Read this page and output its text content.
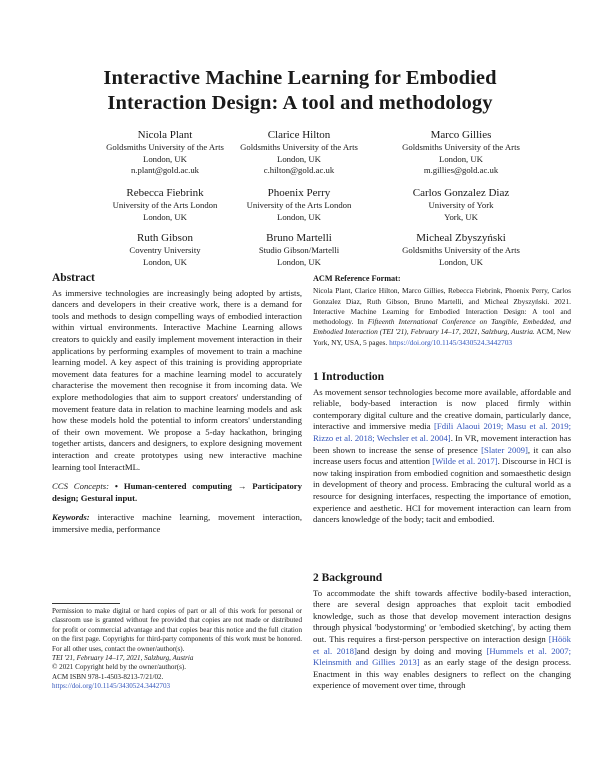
Interactive Machine Learning for Embodied
Interaction Design: A tool and methodology
Nicola Plant
Goldsmiths University of the Arts
London, UK
n.plant@gold.ac.uk
Clarice Hilton
Goldsmiths University of the Arts
London, UK
c.hilton@gold.ac.uk
Marco Gillies
Goldsmiths University of the Arts
London, UK
m.gillies@gold.ac.uk
Rebecca Fiebrink
University of the Arts London
London, UK
Phoenix Perry
University of the Arts London
London, UK
Carlos Gonzalez Diaz
University of York
York, UK
Ruth Gibson
Coventry University
London, UK
Bruno Martelli
Studio Gibson/Martelli
London, UK
Micheal Zbyszyński
Goldsmiths University of the Arts
London, UK
Abstract

As immersive technologies are increasingly being adopted by artists, dancers and developers in their creative work, there is a demand for tools and methods to design compelling ways of embodied interaction within virtual environments. Interactive Machine Learning allows creators to quickly and easily implement movement interaction in their applications by performing examples of movement to train a machine learning model. A key aspect of this training is providing appropriate movement data features for a machine learning model to accurately characterise the movement then recognise it from incoming data. We explore methodologies that aim to support creators' understanding of movement feature data in relation to machine learning models and ask how these models hold the potential to inform creators' understanding of their own movement. We propose a 5-day hackathon, bringing together artists, dancers and designers, to explore designing movement interaction and create prototypes using new interactive machine learning tool InteractML.

CCS Concepts: • Human-centered computing → Participatory design; Gestural input.

Keywords: interactive machine learning, movement interaction, immersive media, performance

Permission to make digital or hard copies of part or all of this work for personal or classroom use is granted without fee provided that copies are not made or distributed for profit or commercial advantage and that copies bear this notice and the full citation on the first page. Copyrights for third-party components of this work must be honored. For all other uses, contact the owner/author(s).

TEI '21, February 14–17, 2021, Salzburg, Austria
© 2021 Copyright held by the owner/author(s).
ACM ISBN 978-1-4503-8213-7/21/02.
https://doi.org/10.1145/3430524.3442703
ACM Reference Format:

Nicola Plant, Clarice Hilton, Marco Gillies, Rebecca Fiebrink, Phoenix Perry, Carlos Gonzalez Diaz, Ruth Gibson, Bruno Martelli, and Micheal Zbyszyński. 2021. Interactive Machine Learning for Embodied Interaction Design: A tool and methodology. In Fifteenth International Conference on Tangible, Embedded, and Embodied Interaction (TEI '21), February 14–17, 2021, Salzburg, Austria. ACM, New York, NY, USA, 5 pages. https://doi.org/10.1145/3430524.3442703

1 Introduction

As movement sensor technologies become more available, affordable and reliable, body-based interaction is now placed firmly within contemporary digital culture and the creative domain, particularly dance, interactive and immersive media [Fdili Alaoui 2019; Masu et al. 2019; Rizzo et al. 2018; Wechsler et al. 2004]. In VR, movement interaction has been shown to increase the sense of presence [Slater 2009], it can also increase users focus and attention [Wilde et al. 2017]. Discourse in HCI is now taking inspiration from embodied cognition and somaesthetic design in development of theory and process. Embracing the cultural world as a resource for designing interfaces, respecting the importance of emotion, experience and aesthetic. HCI for movement interaction can learn from dancers knowledge of the body; tacit and embodied.

2 Background

To accommodate the shift towards affective bodily-based interaction, there are several design approaches that exploit tacit embodied knowledge, such as those that develop movement interaction designs through physical 'bodystorming' or 'embodied sketching', by acting them out. This requires a first-person perspective on interaction design [Höök et al. 2018]and design by doing and moving [Hummels et al. 2007; Kleinsmith and Gillies 2013] as an early stage of the design process. Enactment in this way enables designers to reflect on the changing experience of movement over time, through
